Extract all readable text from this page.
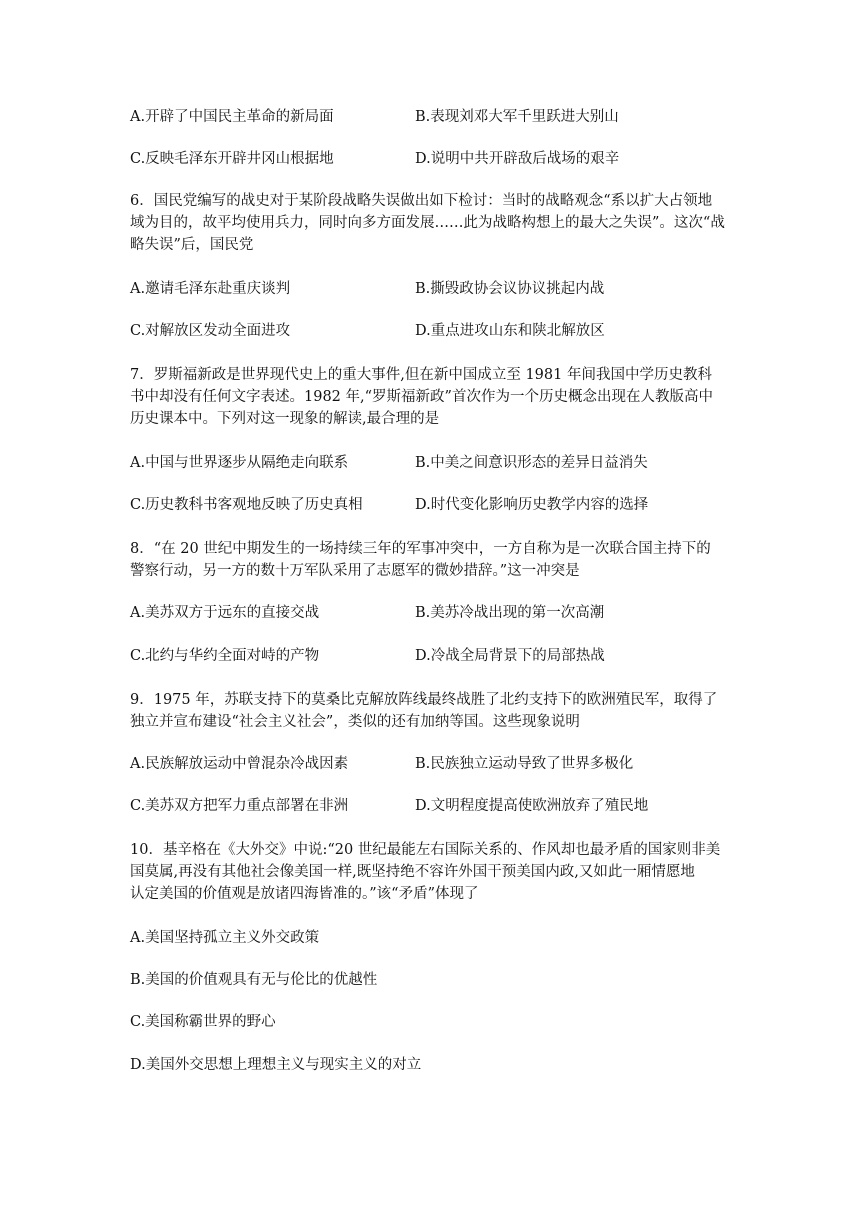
A.开辟了中国民主革命的新局面	B.表现刘邓大军千里跃进大别山
C.反映毛泽东开辟井冈山根据地	D.说明中共开辟敌后战场的艰辛
6．国民党编写的战史对于某阶段战略失误做出如下检讨：当时的战略观念“系以扩大占领地
域为目的，故平均使用兵力，同时向多方面发展……此为战略构想上的最大之失误”。这次“战
略失误”后，国民党
A.邀请毛泽东赴重庆谈判	B.撕毁政协会议协议挑起内战
C.对解放区发动全面进攻	D.重点进攻山东和陕北解放区
7．罗斯福新政是世界现代史上的重大事件,但在新中国成立至 1981 年间我国中学历史教科
书中却没有任何文字表述。1982 年,“罗斯福新政”首次作为一个历史概念出现在人教版高中
历史课本中。下列对这一现象的解读,最合理的是
A.中国与世界逐步从隔绝走向联系	B.中美之间意识形态的差异日益消失
C.历史教科书客观地反映了历史真相	D.时代变化影响历史教学内容的选择
8．“在 20 世纪中期发生的一场持续三年的军事冲突中，一方自称为是一次联合国主持下的
警察行动，另一方的数十万军队采用了志愿军的微妙措辞。”这一冲突是
A.美苏双方于远东的直接交战	B.美苏冷战出现的第一次高潮
C.北约与华约全面对峙的产物	D.冷战全局背景下的局部热战
9．1975 年，苏联支持下的莫桑比克解放阵线最终战胜了北约支持下的欧洲殖民军，取得了
独立并宣布建设“社会主义社会”，类似的还有加纳等国。这些现象说明
A.民族解放运动中曾混杂冷战因素	B.民族独立运动导致了世界多极化
C.美苏双方把军力重点部署在非洲	D.文明程度提高使欧洲放弃了殖民地
10．基辛格在《大外交》中说:“20 世纪最能左右国际关系的、作风却也最矛盾的国家则非美
国莫属,再没有其他社会像美国一样,既坚持绝不容许外国干预美国内政,又如此一厢情愿地
认定美国的价值观是放诸四海皆准的。”该“矛盾”体现了
A.美国坚持孤立主义外交政策
B.美国的价值观具有无与伦比的优越性
C.美国称霸世界的野心
D.美国外交思想上理想主义与现实主义的对立
